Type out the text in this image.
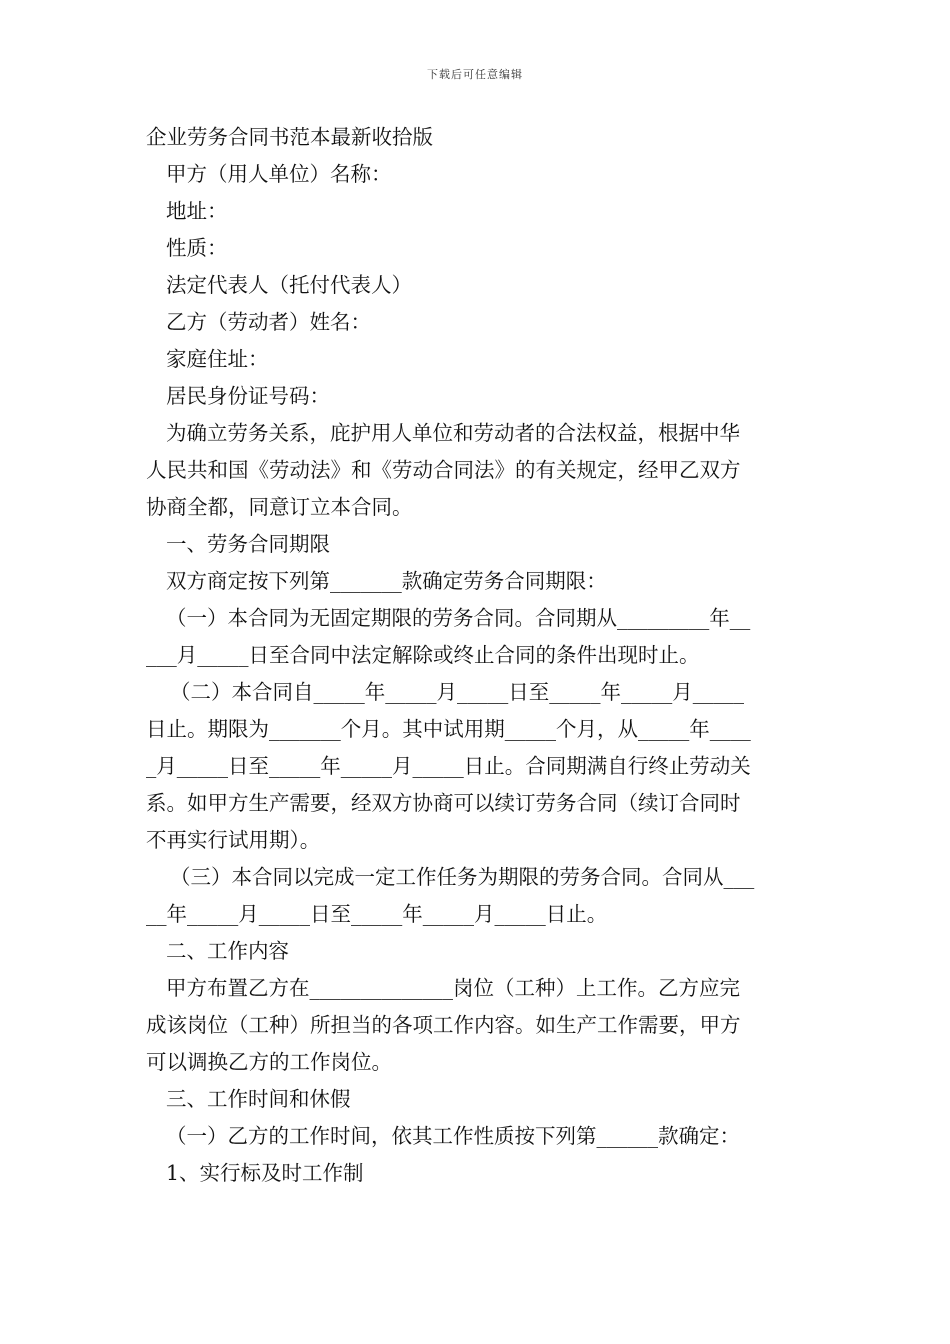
下载后可任意编辑
企业劳务合同书范本最新收拾版
甲方（用人单位）名称：
地址：
性质：
法定代表人（托付代表人）
乙方（劳动者）姓名：
家庭住址：
居民身份证号码：
为确立劳务关系，庇护用人单位和劳动者的合法权益，根据中华
人民共和国《劳动法》和《劳动合同法》的有关规定，经甲乙双方
协商全都，同意订立本合同。
一、劳务合同期限
双方商定按下列第_______款确定劳务合同期限：
（一）本合同为无固定期限的劳务合同。合同期从_________年__
___月_____日至合同中法定解除或终止合同的条件出现时止。
（二）本合同自_____年_____月_____日至_____年_____月_____
日止。期限为_______个月。其中试用期_____个月，从_____年____
_月_____日至_____年_____月_____日止。合同期满自行终止劳动关
系。如甲方生产需要，经双方协商可以续订劳务合同（续订合同时
不再实行试用期）。
（三）本合同以完成一定工作任务为期限的劳务合同。合同从___
__年_____月_____日至_____年_____月_____日止。
二、工作内容
甲方布置乙方在______________岗位（工种）上工作。乙方应完
成该岗位（工种）所担当的各项工作内容。如生产工作需要，甲方
可以调换乙方的工作岗位。
三、工作时间和休假
（一）乙方的工作时间，依其工作性质按下列第______款确定：
1、实行标及时工作制
